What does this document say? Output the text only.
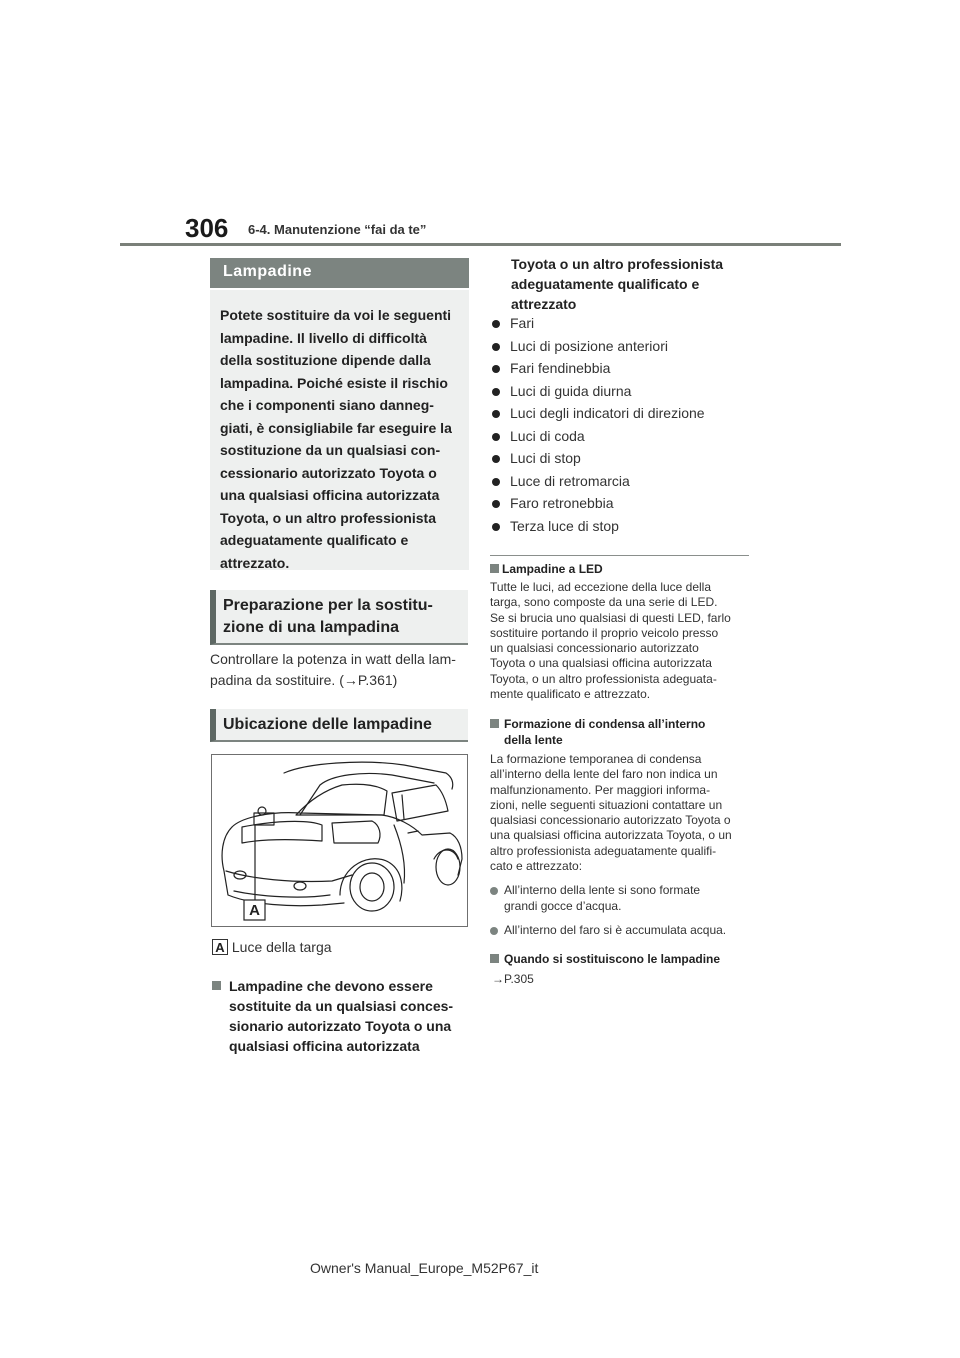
306 6-4. Manutenzione “fai da te”
Lampadine
Potete sostituire da voi le seguenti
lampadine. Il livello di difficoltà
della sostituzione dipende dalla
lampadina. Poiché esiste il rischio
che i componenti siano danneg-
giati, è consigliabile far eseguire la
sostituzione da un qualsiasi con-
cessionario autorizzato Toyota o
una qualsiasi officina autorizzata
Toyota, o un altro professionista
adeguatamente qualificato e
attrezzato.
Preparazione per la sostitu-
zione di una lampadina
Controllare la potenza in watt della lam-
padina da sostituire. (→P.361)
Ubicazione delle lampadine
A
A Luce della targa
Lampadine che devono essere
sostituite da un qualsiasi conces-
sionario autorizzato Toyota o una
qualsiasi officina autorizzata
Toyota o un altro professionista
adeguatamente qualificato e
attrezzato
Fari
Luci di posizione anteriori
Fari fendinebbia
Luci di guida diurna
Luci degli indicatori di direzione
Luci di coda
Luci di stop
Luce di retromarcia
Faro retronebbia
Terza luce di stop
Lampadine a LED
Tutte le luci, ad eccezione della luce della
targa, sono composte da una serie di LED.
Se si brucia uno qualsiasi di questi LED, farlo
sostituire portando il proprio veicolo presso
un qualsiasi concessionario autorizzato
Toyota o una qualsiasi officina autorizzata
Toyota, o un altro professionista adeguata-
mente qualificato e attrezzato.
Formazione di condensa all’interno
della lente
La formazione temporanea di condensa
all’interno della lente del faro non indica un
malfunzionamento. Per maggiori informa-
zioni, nelle seguenti situazioni contattare un
qualsiasi concessionario autorizzato Toyota o
una qualsiasi officina autorizzata Toyota, o un
altro professionista adeguatamente qualifi-
cato e attrezzato:
All’interno della lente si sono formate
grandi gocce d’acqua.
All’interno del faro si è accumulata acqua.
Quando si sostituiscono le lampadine
→P.305
Owner's Manual_Europe_M52P67_it
